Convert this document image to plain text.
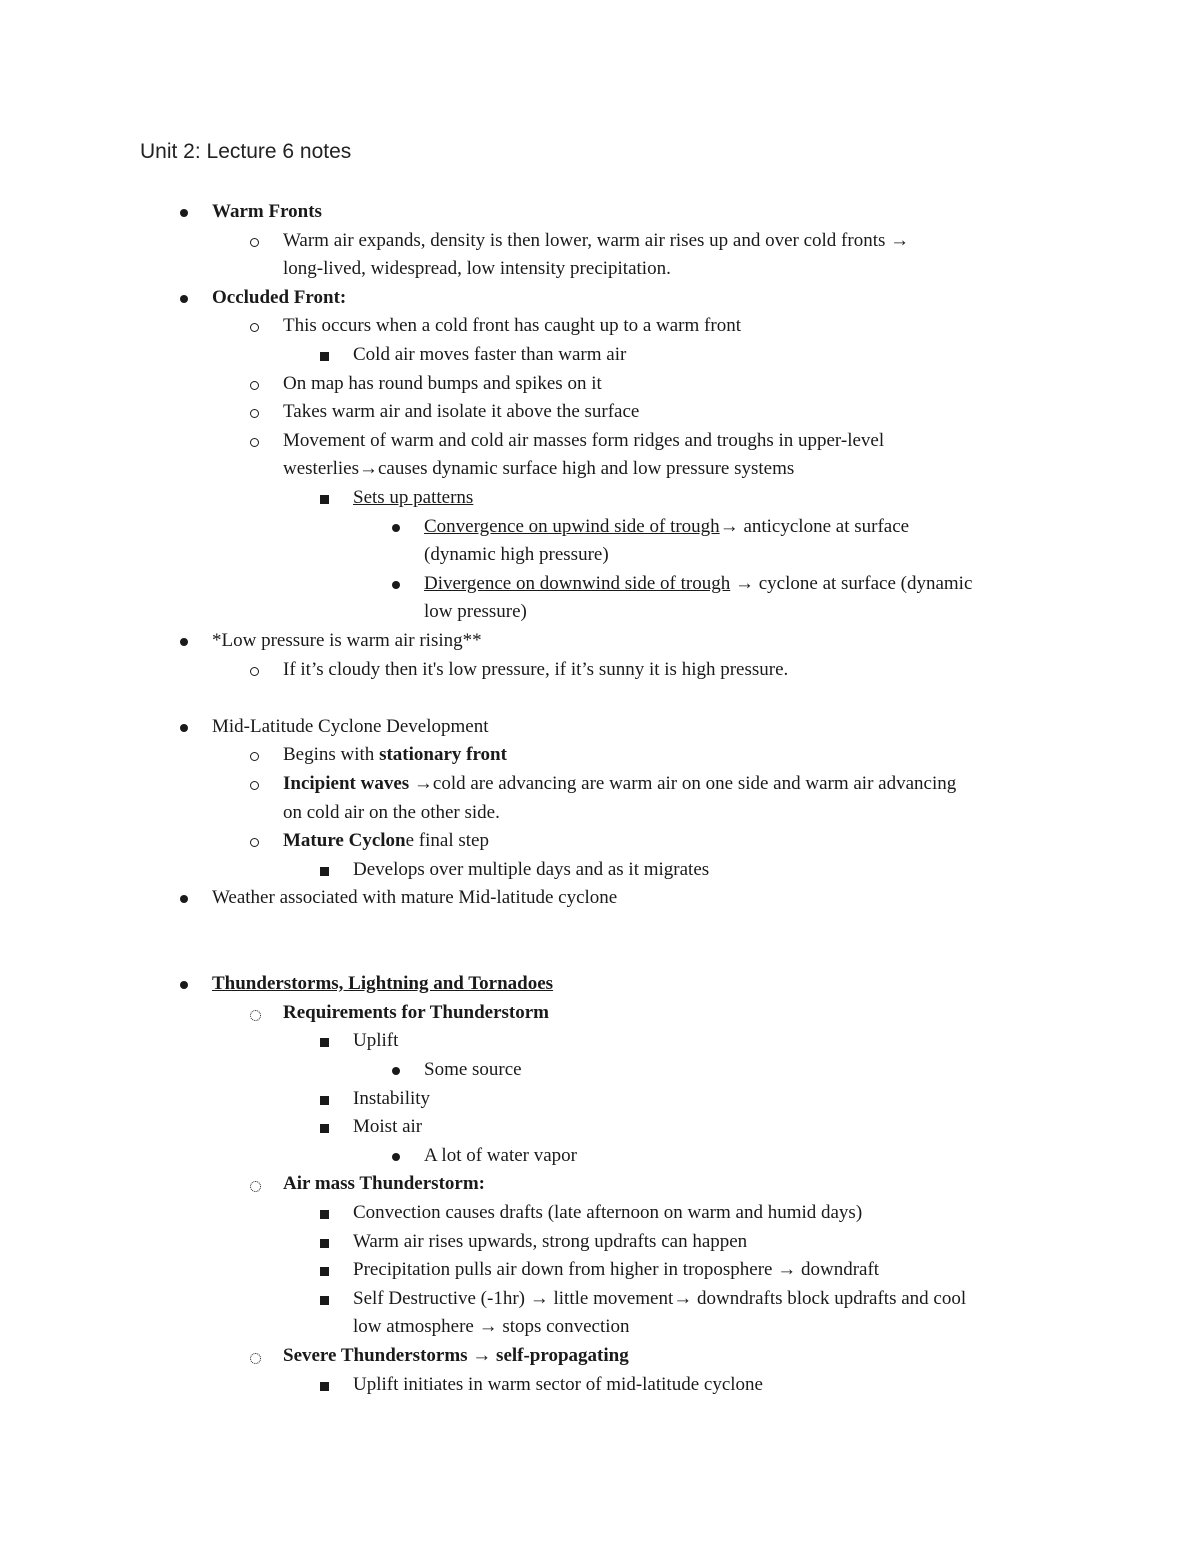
Unit 2: Lecture 6 notes
Warm Fronts
Warm air expands, density is then lower, warm air rises up and over cold fronts →
long-lived, widespread, low intensity precipitation.
Occluded Front:
This occurs when a cold front has caught up to a warm front
Cold air moves faster than warm air
On map has round bumps and spikes on it
Takes warm air and isolate it above the surface
Movement of warm and cold air masses form ridges and troughs in upper-level
westerlies→causes dynamic surface high and low pressure systems
Sets up patterns
Convergence on upwind side of trough→ anticyclone at surface
(dynamic high pressure)
Divergence on downwind side of trough → cyclone at surface (dynamic
low pressure)
*Low pressure is warm air rising**
If it’s cloudy then it's low pressure, if it’s sunny it is high pressure.
Mid-Latitude Cyclone Development
Begins with stationary front
Incipient waves →cold are advancing are warm air on one side and warm air advancing
on cold air on the other side.
Mature Cyclone final step
Develops over multiple days and as it migrates
Weather associated with mature Mid-latitude cyclone
Thunderstorms, Lightning and Tornadoes
Requirements for Thunderstorm
Uplift
Some source
Instability
Moist air
A lot of water vapor
Air mass Thunderstorm:
Convection causes drafts (late afternoon on warm and humid days)
Warm air rises upwards, strong updrafts can happen
Precipitation pulls air down from higher in troposphere → downdraft
Self Destructive (-1hr) → little movement→ downdrafts block updrafts and cool
low atmosphere → stops convection
Severe Thunderstorms → self-propagating
Uplift initiates in warm sector of mid-latitude cyclone
